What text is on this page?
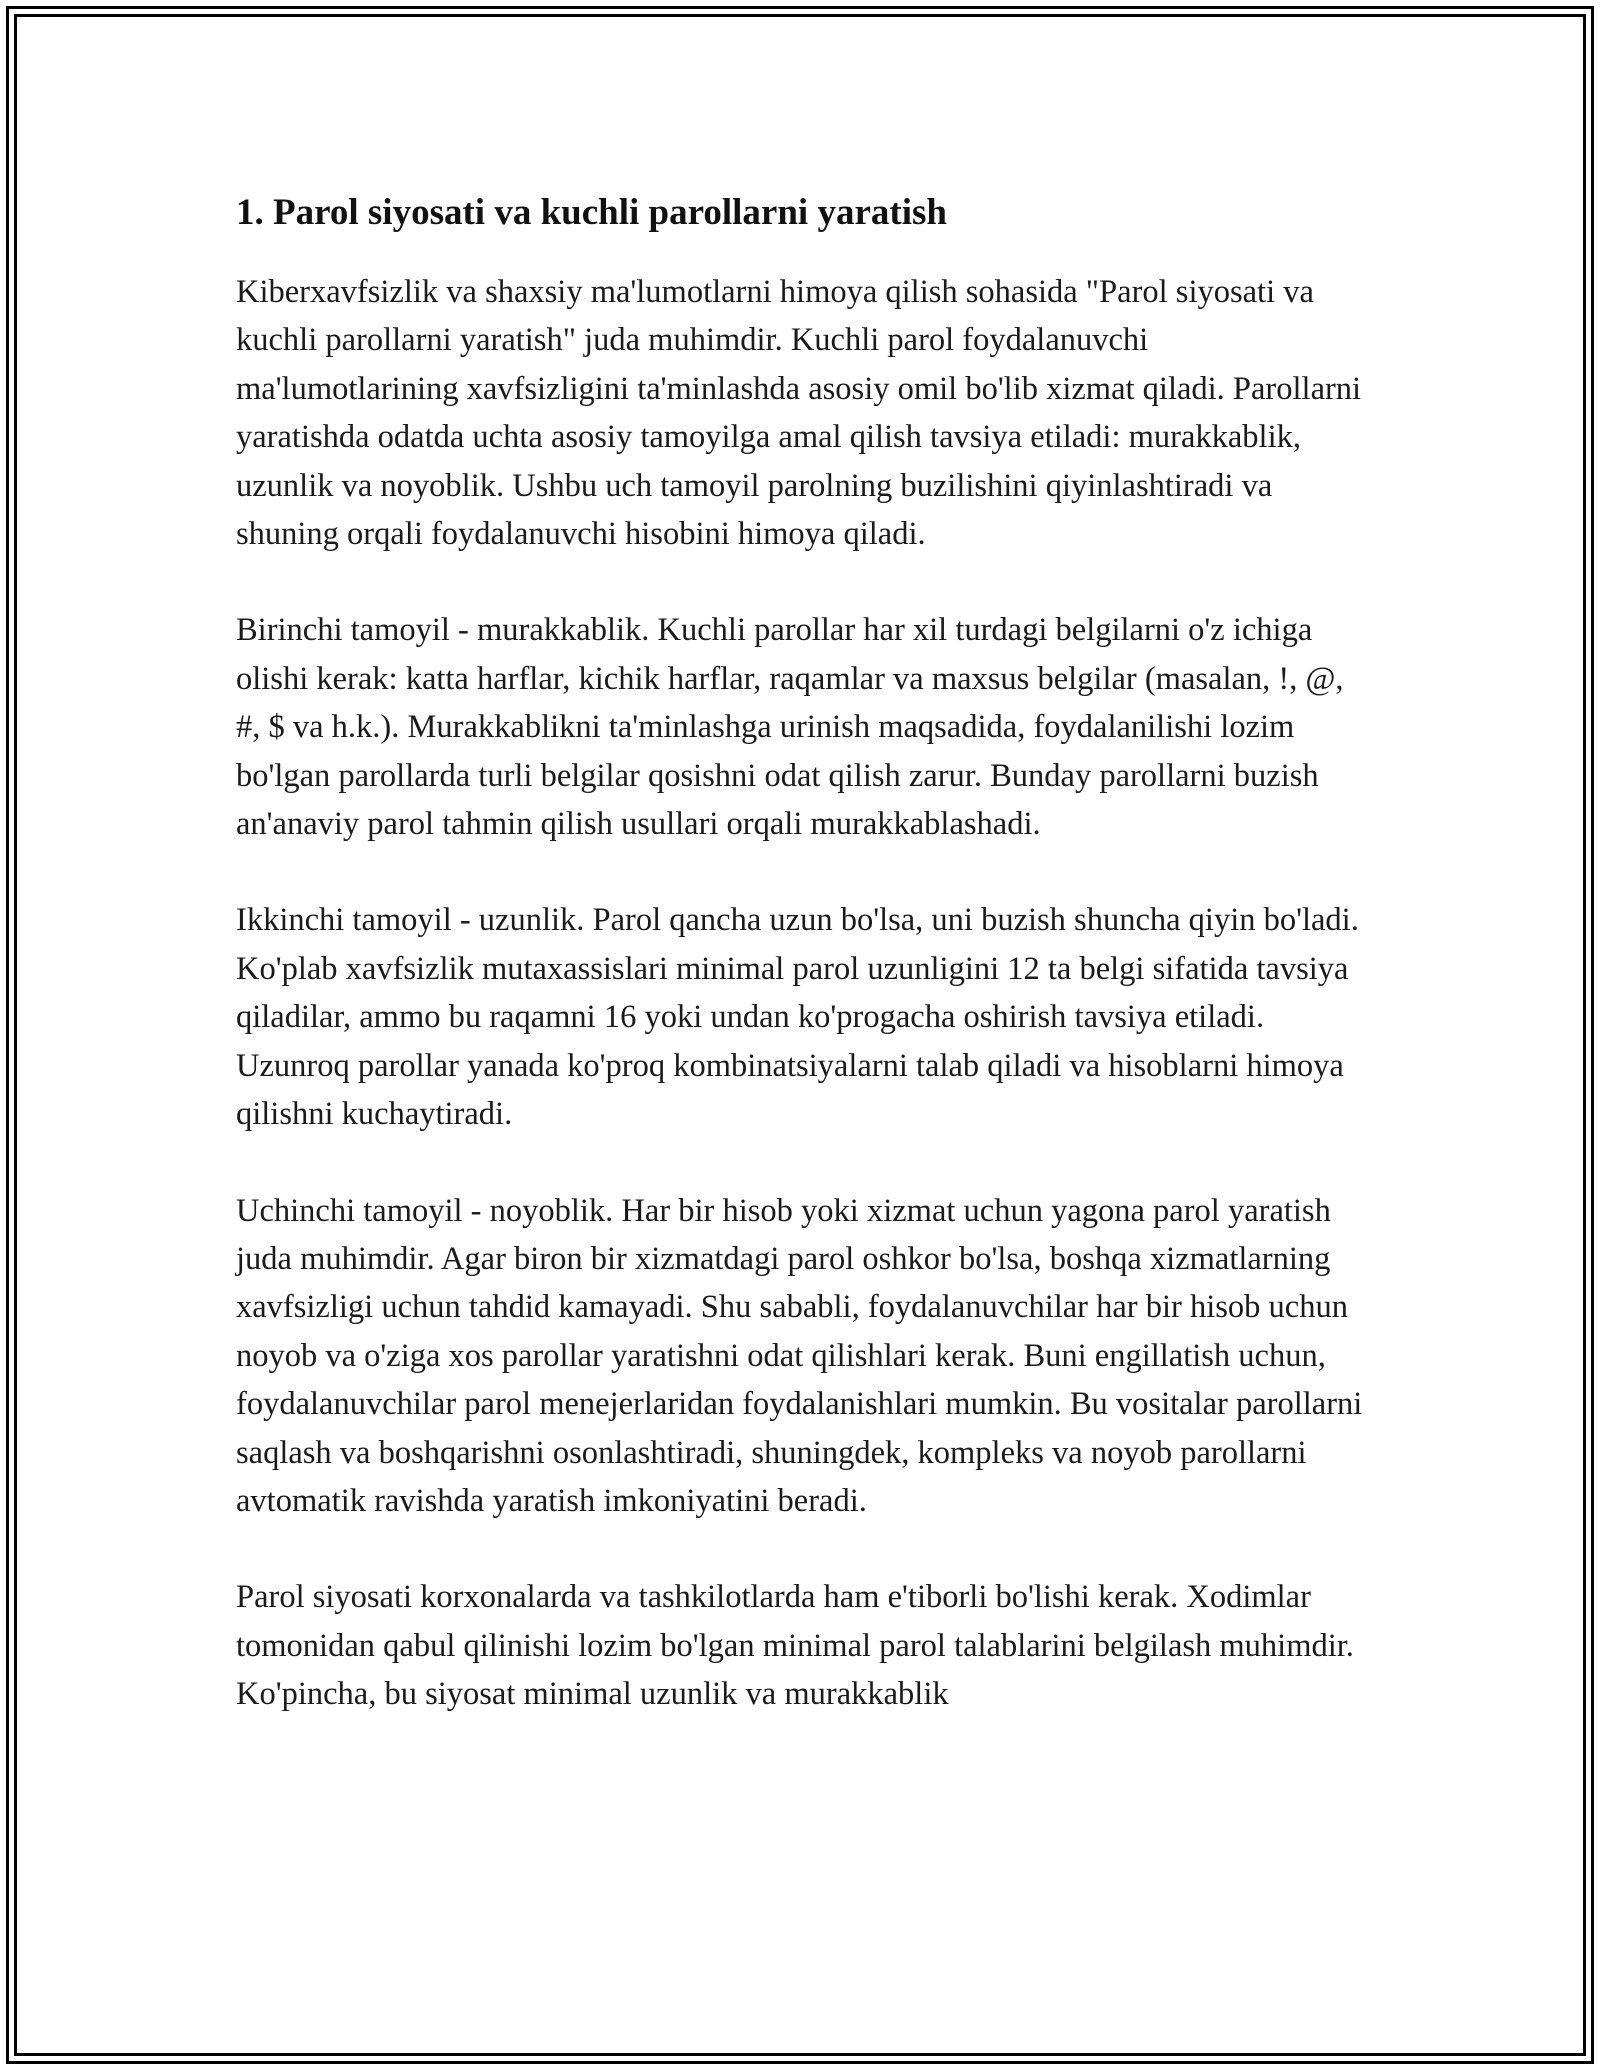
1. Parol siyosati va kuchli parollarni yaratish

Kiberxavfsizlik va shaxsiy ma'lumotlarni himoya qilish sohasida "Parol siyosati va kuchli parollarni yaratish" juda muhimdir. Kuchli parol foydalanuvchi ma'lumotlarining xavfsizligini ta'minlashda asosiy omil bo'lib xizmat qiladi. Parollarni yaratishda odatda uchta asosiy tamoyilga amal qilish tavsiya etiladi: murakkablik, uzunlik va noyoblik. Ushbu uch tamoyil parolning buzilishini qiyinlashtiradi va shuning orqali foydalanuvchi hisobini himoya qiladi.

Birinchi tamoyil - murakkablik. Kuchli parollar har xil turdagi belgilarni o'z ichiga olishi kerak: katta harflar, kichik harflar, raqamlar va maxsus belgilar (masalan, !, @, #, $ va h.k.). Murakkablikni ta'minlashga urinish maqsadida, foydalanilishi lozim bo'lgan parollarda turli belgilar qosishni odat qilish zarur. Bunday parollarni buzish an'anaviy parol tahmin qilish usullari orqali murakkablashadi.

Ikkinchi tamoyil - uzunlik. Parol qancha uzun bo'lsa, uni buzish shuncha qiyin bo'ladi. Ko'plab xavfsizlik mutaxassislari minimal parol uzunligini 12 ta belgi sifatida tavsiya qiladilar, ammo bu raqamni 16 yoki undan ko'progacha oshirish tavsiya etiladi. Uzunroq parollar yanada ko'proq kombinatsiyalarni talab qiladi va hisoblarni himoya qilishni kuchaytiradi.

Uchinchi tamoyil - noyoblik. Har bir hisob yoki xizmat uchun yagona parol yaratish juda muhimdir. Agar biron bir xizmatdagi parol oshkor bo'lsa, boshqa xizmatlarning xavfsizligi uchun tahdid kamayadi. Shu sababli, foydalanuvchilar har bir hisob uchun noyob va o'ziga xos parollar yaratishni odat qilishlari kerak. Buni engillatish uchun, foydalanuvchilar parol menejerlaridan foydalanishlari mumkin. Bu vositalar parollarni saqlash va boshqarishni osonlashtiradi, shuningdek, kompleks va noyob parollarni avtomatik ravishda yaratish imkoniyatini beradi.

Parol siyosati korxonalarda va tashkilotlarda ham e'tiborli bo'lishi kerak. Xodimlar tomonidan qabul qilinishi lozim bo'lgan minimal parol talablarini belgilash muhimdir. Ko'pincha, bu siyosat minimal uzunlik va murakkablik
